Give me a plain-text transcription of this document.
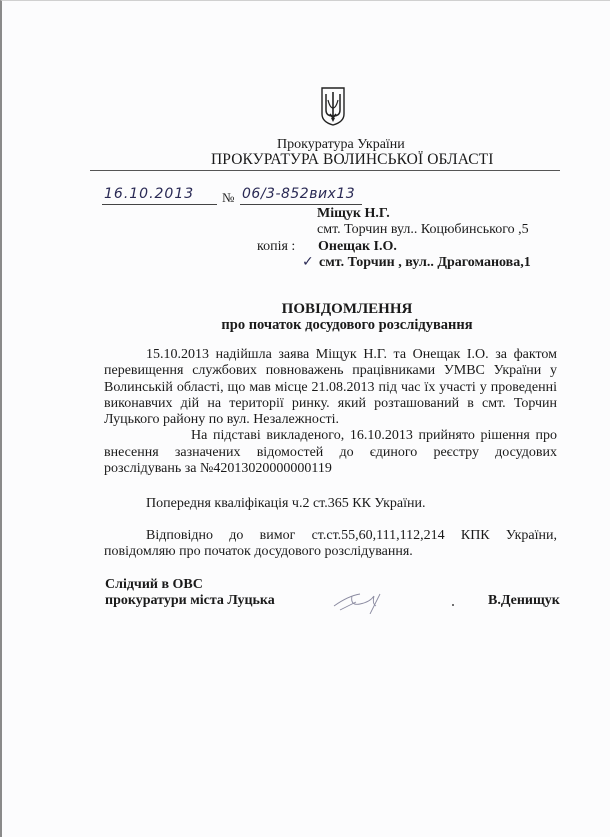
Прокуратура України
ПРОКУРАТУРА ВОЛИНСЬКОЇ ОБЛАСТІ
16.10.2013 № 06/3-852вих13
Міщук Н.Г.
смт. Торчин вул.. Коцюбинського ,5
копія : Онещак І.О.
✓ смт. Торчин , вул.. Драгоманова,1
ПОВІДОМЛЕННЯ
про початок досудового розслідування

15.10.2013 надійшла заява Міщук Н.Г. та Онещак І.О. за фактом перевищення службових повноважень працівниками УМВС України у Волинській області, що мав місце 21.08.2013 під час їх участі у проведенні виконавчих дій на території ринку. який розташований в смт. Торчин Луцького району по вул. Незалежності.

На підставі викладеного, 16.10.2013 прийнято рішення про внесення зазначених відомостей до єдиного реєстру досудових розслідувань за №42013020000000119

Попередня кваліфікація ч.2 ст.365 КК України.

Відповідно до вимог ст.ст.55,60,111,112,214 КПК України, повідомляю про початок досудового розслідування.

Слідчий в ОВС
прокуратури міста Луцька	В.Денищук
